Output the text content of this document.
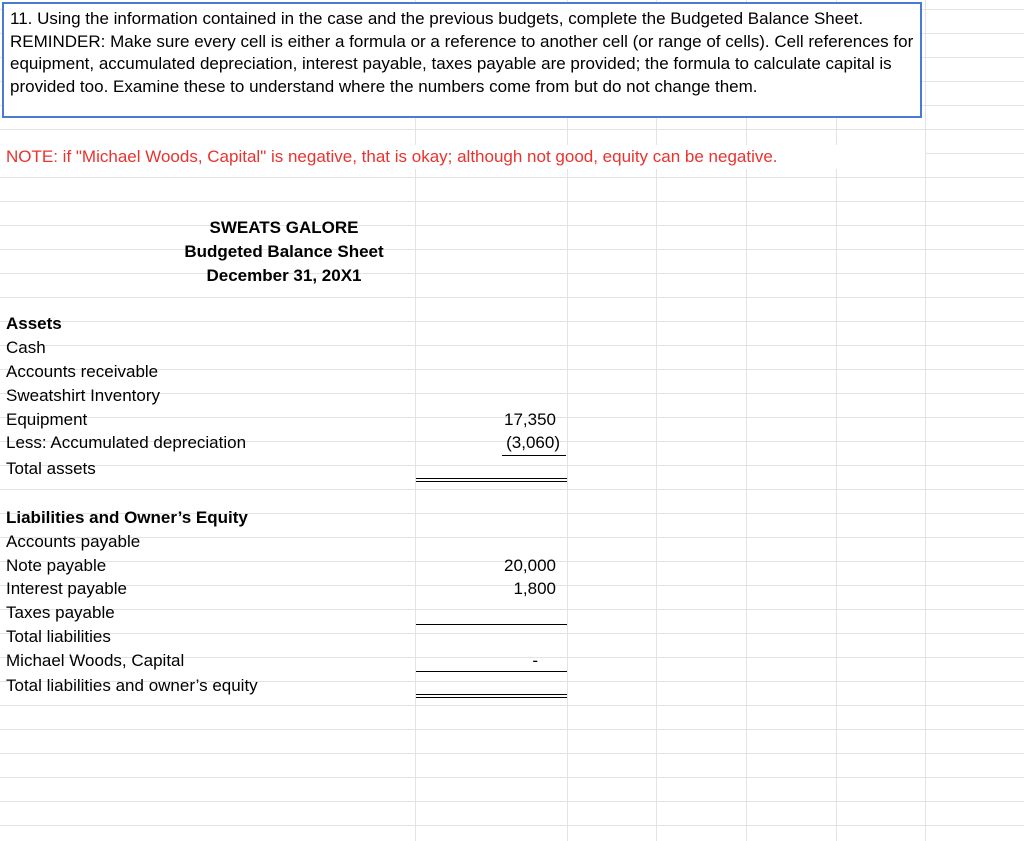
11. Using the information contained in the case and the previous budgets, complete the Budgeted Balance Sheet. REMINDER: Make sure every cell is either a formula or a reference to another cell (or range of cells). Cell references for equipment, accumulated depreciation, interest payable, taxes payable are provided; the formula to calculate capital is provided too. Examine these to understand where the numbers come from but do not change them.
NOTE: if "Michael Woods, Capital" is negative, that is okay; although not good, equity can be negative.
SWEATS GALORE
Budgeted Balance Sheet
December 31, 20X1
Assets
Cash
Accounts receivable
Sweatshirt Inventory
Equipment	17,350
Less: Accumulated depreciation	(3,060)
Total assets
Liabilities and Owner’s Equity
Accounts payable
Note payable	20,000
Interest payable	1,800
Taxes payable
Total liabilities
Michael Woods, Capital	-
Total liabilities and owner’s equity
